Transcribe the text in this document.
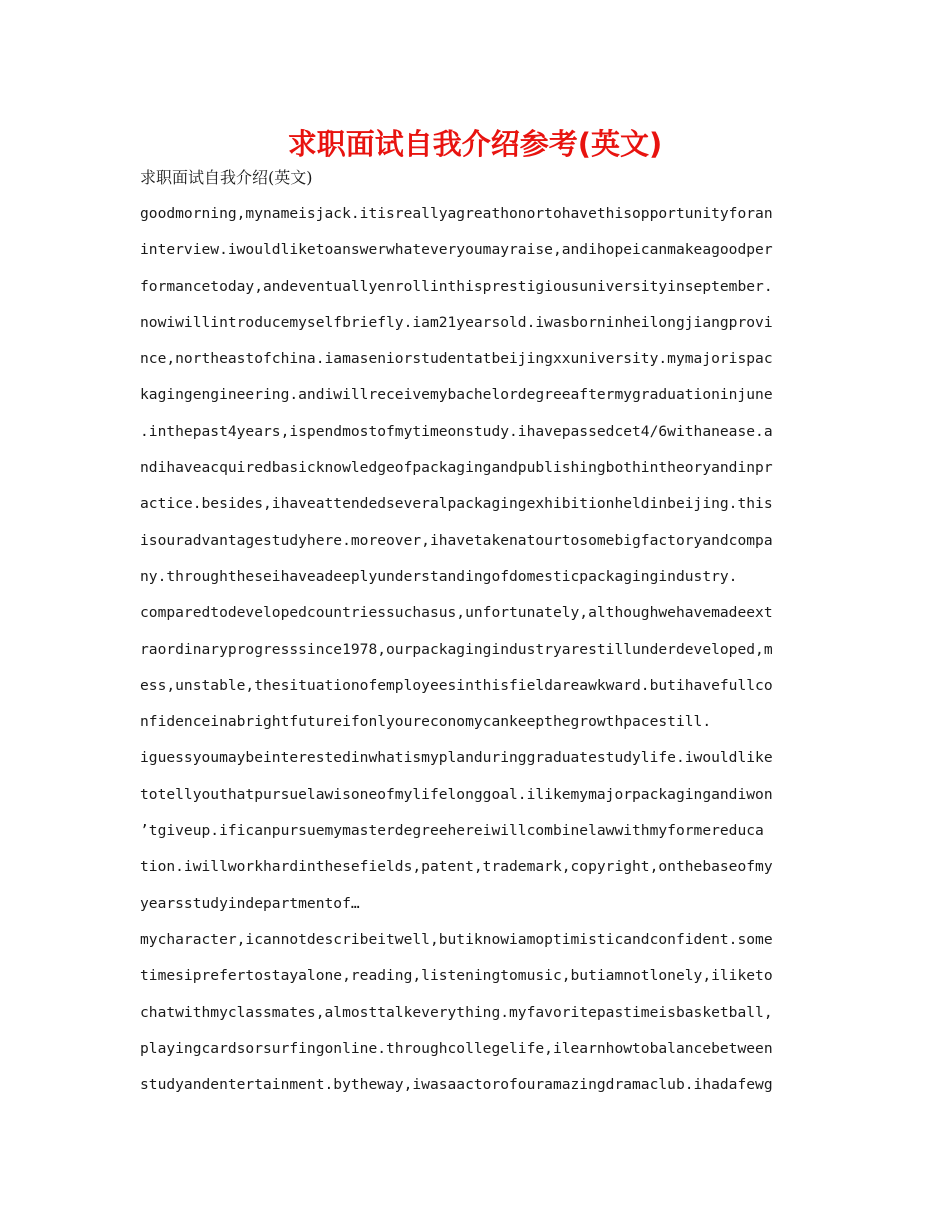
求职面试自我介绍参考(英文)

求职面试自我介绍(英文)

goodmorning,mynameisjack.itisreallyagreathonortohavethisopportunityforan
interview.iwouldliketoanswerwhateveryoumayraise,andihopeicanmakeagoodper
formancetoday,andeventuallyenrollinthisprestigiousuniversityinseptember.
nowiwillintroducemyselfbriefly.iam21yearsold.iwasborninheilongjiangprovi
nce,northeastofchina.iamaseniorstudentatbeijingxxuniversity.mymajorispac
kagingengineering.andiwillreceivemybachelordegreeaftermygraduationinjune
.inthepast4years,ispendmostofmytimeonstudy.ihavepassedcet4/6withanease.a
ndihaveacquiredbasicknowledgeofpackagingandpublishingbothintheoryandinpr
actice.besides,ihaveattendedseveralpackagingexhibitionheldinbeijing.this
isouradvantagestudyhere.moreover,ihavetakenatourtosomebigfactoryandcompa
ny.throughtheseihaveadeeplyunderstandingofdomesticpackagingindustry.
comparedtodevelopedcountriessuchasus,unfortunately,althoughwehavemadeext
raordinaryprogresssince1978,ourpackagingindustryarestillunderdeveloped,m
ess,unstable,thesituationofemployeesinthisfieldareawkward.butihavefullco
nfidenceinabrightfutureifonlyoureconomycankeepthegrowthpacestill.
iguessyoumaybeinterestedinwhatismyplanduringgraduatestudylife.iwouldlike
totellyouthatpursuelawisoneofmylifelonggoal.ilikemymajorpackagingandiwon
’tgiveup.ificanpursuemymasterdegreehereiwillcombinelawwithmyformereduca
tion.iwillworkhardinthesefields,patent,trademark,copyright,onthebaseofmy
yearsstudyindepartmentof…
mycharacter,icannotdescribeitwell,butiknowiamoptimisticandconfident.some
timesiprefertostayalone,reading,listeningtomusic,butiamnotlonely,iliketo
chatwithmyclassmates,almosttalkeverything.myfavoritepastimeisbasketball,
playingcardsorsurfingonline.throughcollegelife,ilearnhowtobalancebetween
studyandentertainment.bytheway,iwasaactorofouramazingdramaclub.ihadafewg
